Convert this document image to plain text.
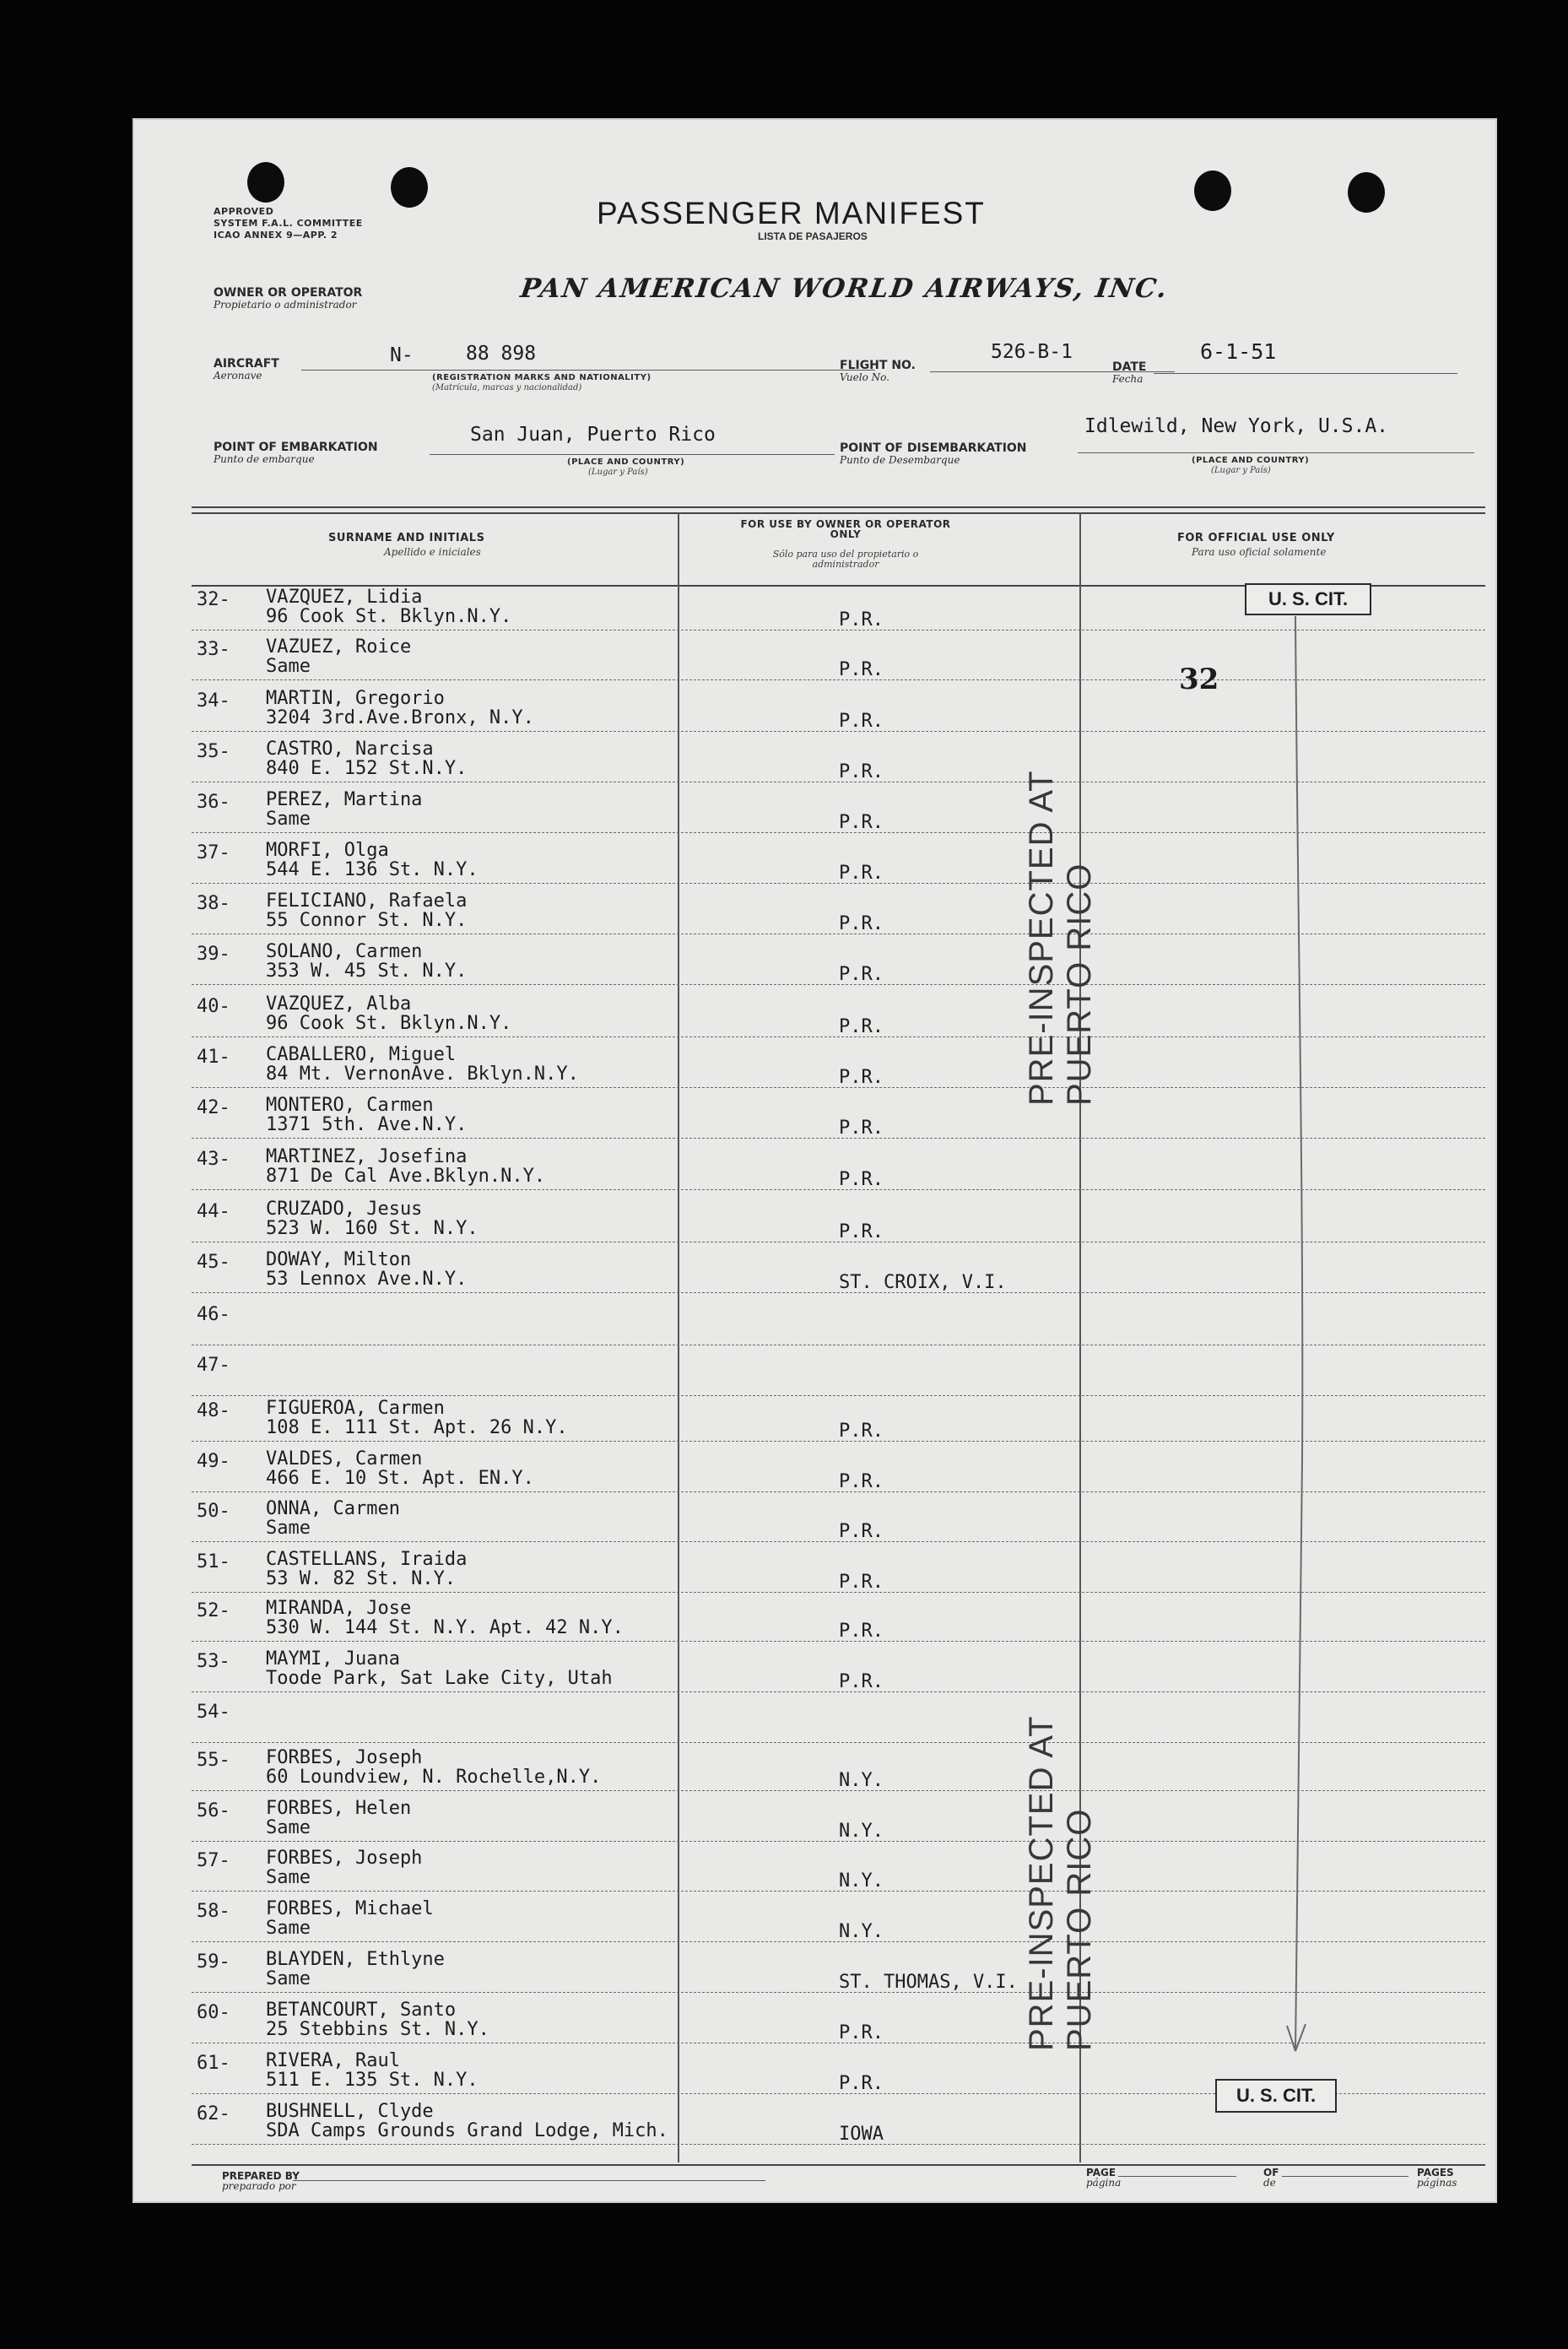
APPROVED
SYSTEM F.A.L. COMMITTEE
ICAO ANNEX 9—APP. 2
PASSENGER MANIFEST
LISTA DE PASAJEROS
OWNER OR OPERATOR
Propietario o administrador
PAN AMERICAN WORLD AIRWAYS, INC.
AIRCRAFT
Aeronave
N-	88 898
(REGISTRATION MARKS AND NATIONALITY)
(Matrícula, marcas y nacionalidad)
FLIGHT NO.
Vuelo No.
526-B-1
DATE
Fecha
6-1-51
POINT OF EMBARKATION
Punto de embarque
San Juan, Puerto Rico
(PLACE AND COUNTRY)
(Lugar y País)
POINT OF DISEMBARKATION
Punto de Desembarque
Idlewild, New York, U.S.A.
(PLACE AND COUNTRY)
(Lugar y País)
SURNAME AND INITIALS
Apellido e iniciales
FOR USE BY OWNER OR OPERATOR ONLY
Sólo para uso del propietario o administrador
FOR OFFICIAL USE ONLY
Para uso oficial solamente
32- VAZQUEZ, Lidia
96 Cook St. Bklyn.N.Y.	P.R.
33- VAZUEZ, Roice
Same	P.R.
34- MARTIN, Gregorio
3204 3rd.Ave.Bronx, N.Y.	P.R.
35- CASTRO, Narcisa
840 E. 152 St.N.Y.	P.R.
36- PEREZ, Martina
Same	P.R.
37- MORFI, Olga
544 E. 136 St. N.Y.	P.R.
38- FELICIANO, Rafaela
55 Connor St. N.Y.	P.R.
39- SOLANO, Carmen
353 W. 45 St. N.Y.	P.R.
40- VAZQUEZ, Alba
96 Cook St. Bklyn.N.Y.	P.R.
41- CABALLERO, Miguel
84 Mt. VernonAve. Bklyn.N.Y.	P.R.
42- MONTERO, Carmen
1371 5th. Ave.N.Y.	P.R.
43- MARTINEZ, Josefina
871 De Cal Ave.Bklyn.N.Y.	P.R.
44- CRUZADO, Jesus
523 W. 160 St. N.Y.	P.R.
45- DOWAY, Milton
53 Lennox Ave.N.Y.	ST. CROIX, V.I.
46-
47-
48- FIGUEROA, Carmen
108 E. 111 St. Apt. 26 N.Y.	P.R.
49- VALDES, Carmen
466 E. 10 St. Apt. EN.Y.	P.R.
50- ONNA, Carmen
Same	P.R.
51- CASTELLANS, Iraida
53 W. 82 St. N.Y.	P.R.
52- MIRANDA, Jose
530 W. 144 St. N.Y. Apt. 42 N.Y.	P.R.
53- MAYMI, Juana
Toode Park, Sat Lake City, Utah	P.R.
54-
55- FORBES, Joseph
60 Loundview, N. Rochelle,N.Y.	N.Y.
56- FORBES, Helen
Same	N.Y.
57- FORBES, Joseph
Same	N.Y.
58- FORBES, Michael
Same	N.Y.
59- BLAYDEN, Ethlyne
Same	ST. THOMAS, V.I.
60- BETANCOURT, Santo
25 Stebbins St. N.Y.	P.R.
61- RIVERA, Raul
511 E. 135 St. N.Y.	P.R.
62- BUSHNELL, Clyde
SDA Camps Grounds Grand Lodge, Mich.	IOWA
U. S. CIT.
32
U. S. CIT.
PRE-INSPECTED AT PUERTO RICO
PRE-INSPECTED AT PUERTO RICO
PREPARED BY
preparado por
PAGE
página
OF
de
PAGES
páginas
